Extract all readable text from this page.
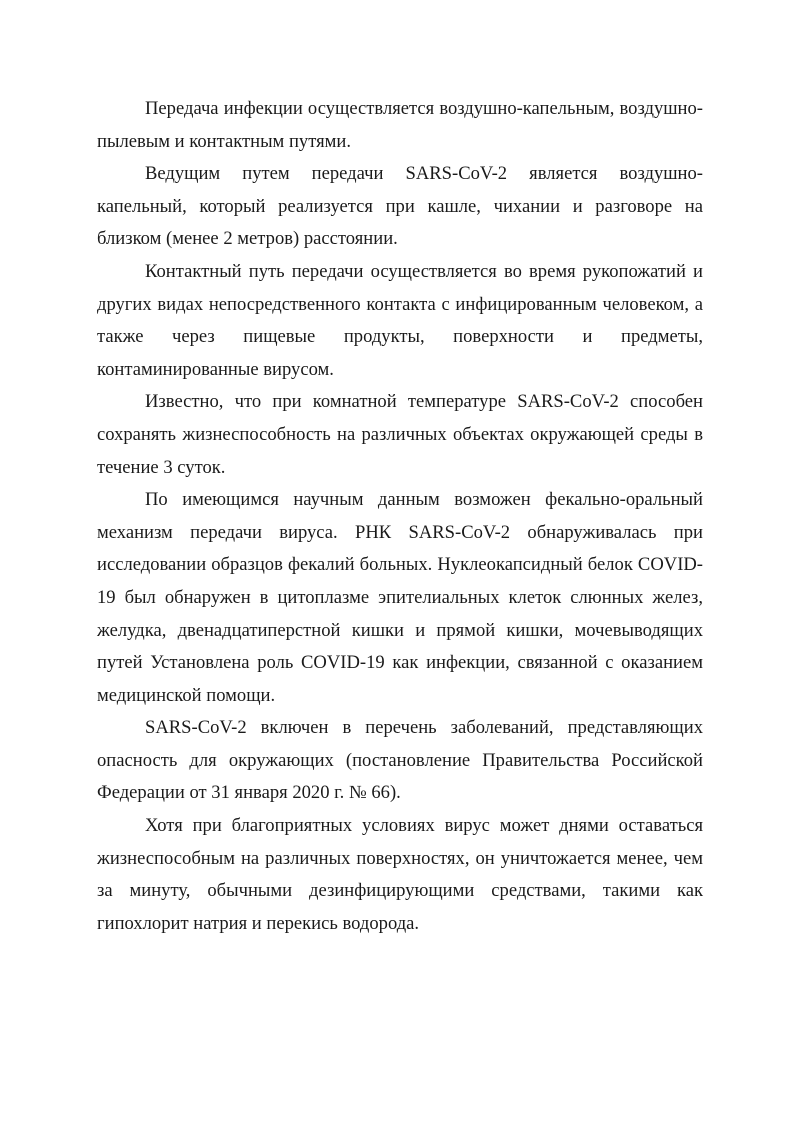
Передача инфекции осуществляется воздушно-капельным, воздушно-пылевым и контактным путями.

Ведущим путем передачи SARS-CoV-2 является воздушно-капельный, который реализуется при кашле, чихании и разговоре на близком (менее 2 метров) расстоянии.

Контактный путь передачи осуществляется во время рукопожатий и других видах непосредственного контакта с инфицированным человеком, а также через пищевые продукты, поверхности и предметы, контаминированные вирусом.

Известно, что при комнатной температуре SARS-CoV-2 способен сохранять жизнеспособность на различных объектах окружающей среды в течение 3 суток.

По имеющимся научным данным возможен фекально-оральный механизм передачи вируса. РНК SARS-CoV-2 обнаруживалась при исследовании образцов фекалий больных. Нуклеокапсидный белок COVID-19 был обнаружен в цитоплазме эпителиальных клеток слюнных желез, желудка, двенадцатиперстной кишки и прямой кишки, мочевыводящих путей Установлена роль COVID-19 как инфекции, связанной с оказанием медицинской помощи.

SARS-CoV-2 включен в перечень заболеваний, представляющих опасность для окружающих (постановление Правительства Российской Федерации от 31 января 2020 г. № 66).

Хотя при благоприятных условиях вирус может днями оставаться жизнеспособным на различных поверхностях, он уничтожается менее, чем за минуту, обычными дезинфицирующими средствами, такими как гипохлорит натрия и перекись водорода.
